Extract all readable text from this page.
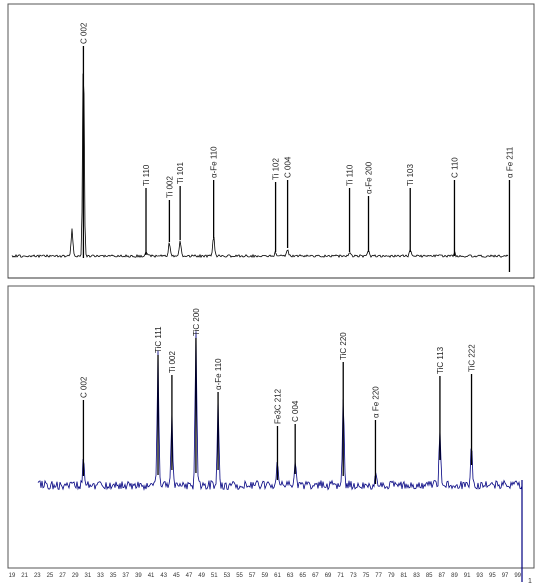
C 002
Ti 110
Ti 002
Ti 101	α-Fe 110	Ti 102 C 004	Ti 110 α-Fe 200	Ti 103	C 110	α Fe 211
C 002
TiC 111
Ti 002
TiC 200
α-Fe 110
Fe3C 212 C 004
TiC 220
α Fe 220
TiC 113	TiC 222
19 21 23 25 27 29 31 33 35 37 39 41 43 45 47 49 51 53 55 57 59 61 63 65 67 69 71 73 75 77 79 81 83 85 87 89 91 93 95 97 99
1
